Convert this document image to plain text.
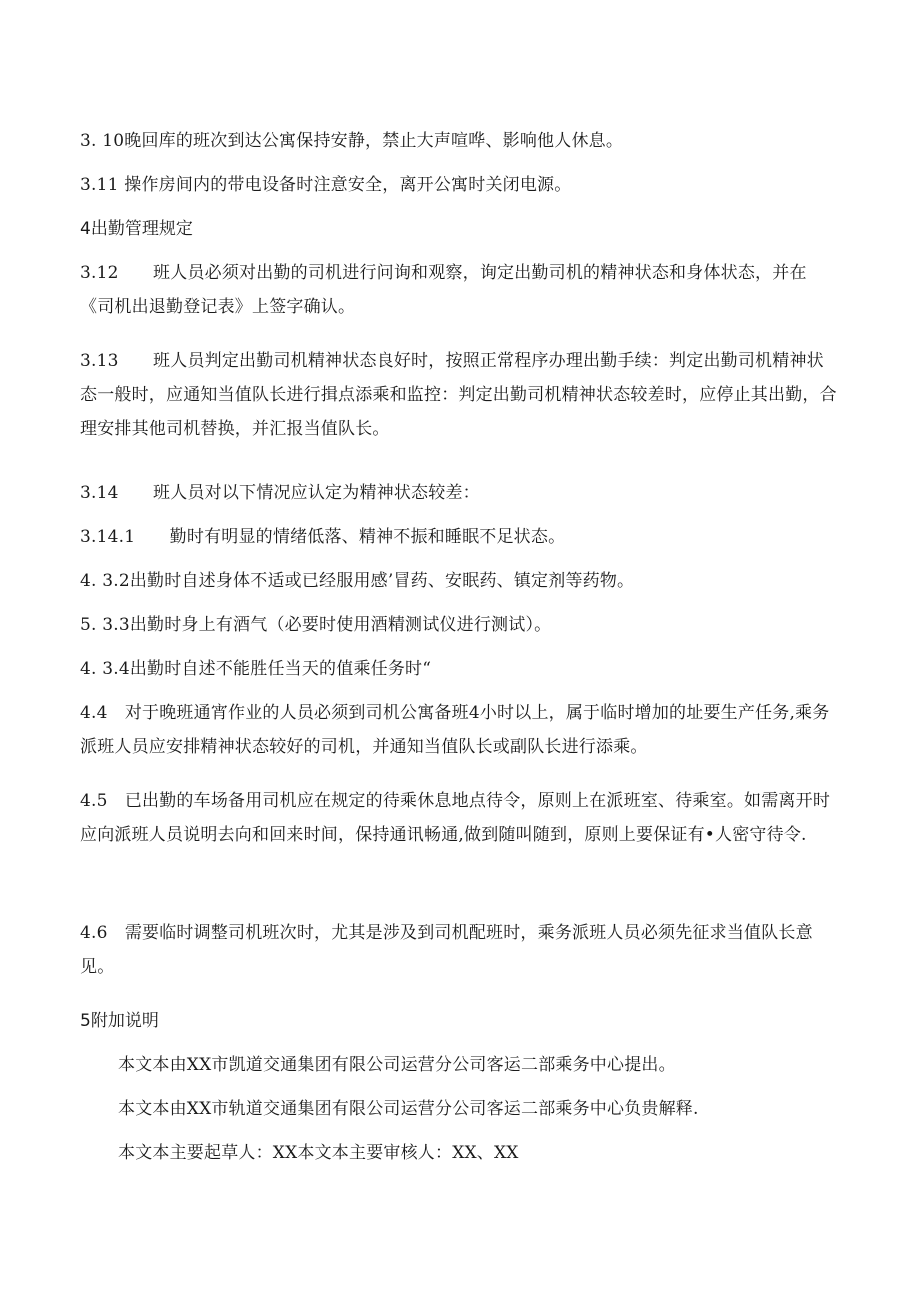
3. 10晚回库的班次到达公寓保持安静，禁止大声喧哗、影响他人休息。

3.11 操作房间内的带电设备时注意安全，离开公寓时关闭电源。

4出勤管理规定

3.12　　班人员必须对出勤的司机进行问询和观察，询定出勤司机的精神状态和身体状态，并在《司机出退勤登记表》上签字确认。

3.13　　班人员判定出勤司机精神状态良好时，按照正常程序办理出勤手续：判定出勤司机精神状态一般时，应通知当值队长进行揖点添乘和监控：判定出勤司机精神状态较差时，应停止其出勤，合理安排其他司机替换，并汇报当值队长。

3.14　　班人员对以下情况应认定为精神状态较差：

3.14.1　　勤时有明显的情绪低落、精神不振和睡眠不足状态。

4. 3.2出勤时自述身体不适或已经服用感’冒药、安眠药、镇定剂等药物。

5. 3.3出勤时身上有酒气（必要时使用酒精测试仪进行测试）。

4. 3.4出勤时自述不能胜任当天的值乘任务时“

4.4　对于晚班通宵作业的人员必须到司机公寓备班4小时以上，属于临时增加的址要生产任务,乘务派班人员应安排精神状态较好的司机，并通知当值队长或副队长进行添乘。

4.5　已出勤的车场备用司机应在规定的待乘休息地点待令，原则上在派班室、待乘室。如需离开时应向派班人员说明去向和回来时间，保持通讯畅通,做到随叫随到，原则上要保证有•人密守待令.

4.6　需要临时调整司机班次时，尤其是涉及到司机配班时，乘务派班人员必须先征求当值队长意见。

5附加说明

本文本由XX市凯道交通集团有限公司运营分公司客运二部乘务中心提出。

本文本由XX市轨道交通集团有限公司运营分公司客运二部乘务中心负贵解释.

本文本主要起草人：XX本文本主要审核人：XX、XX
